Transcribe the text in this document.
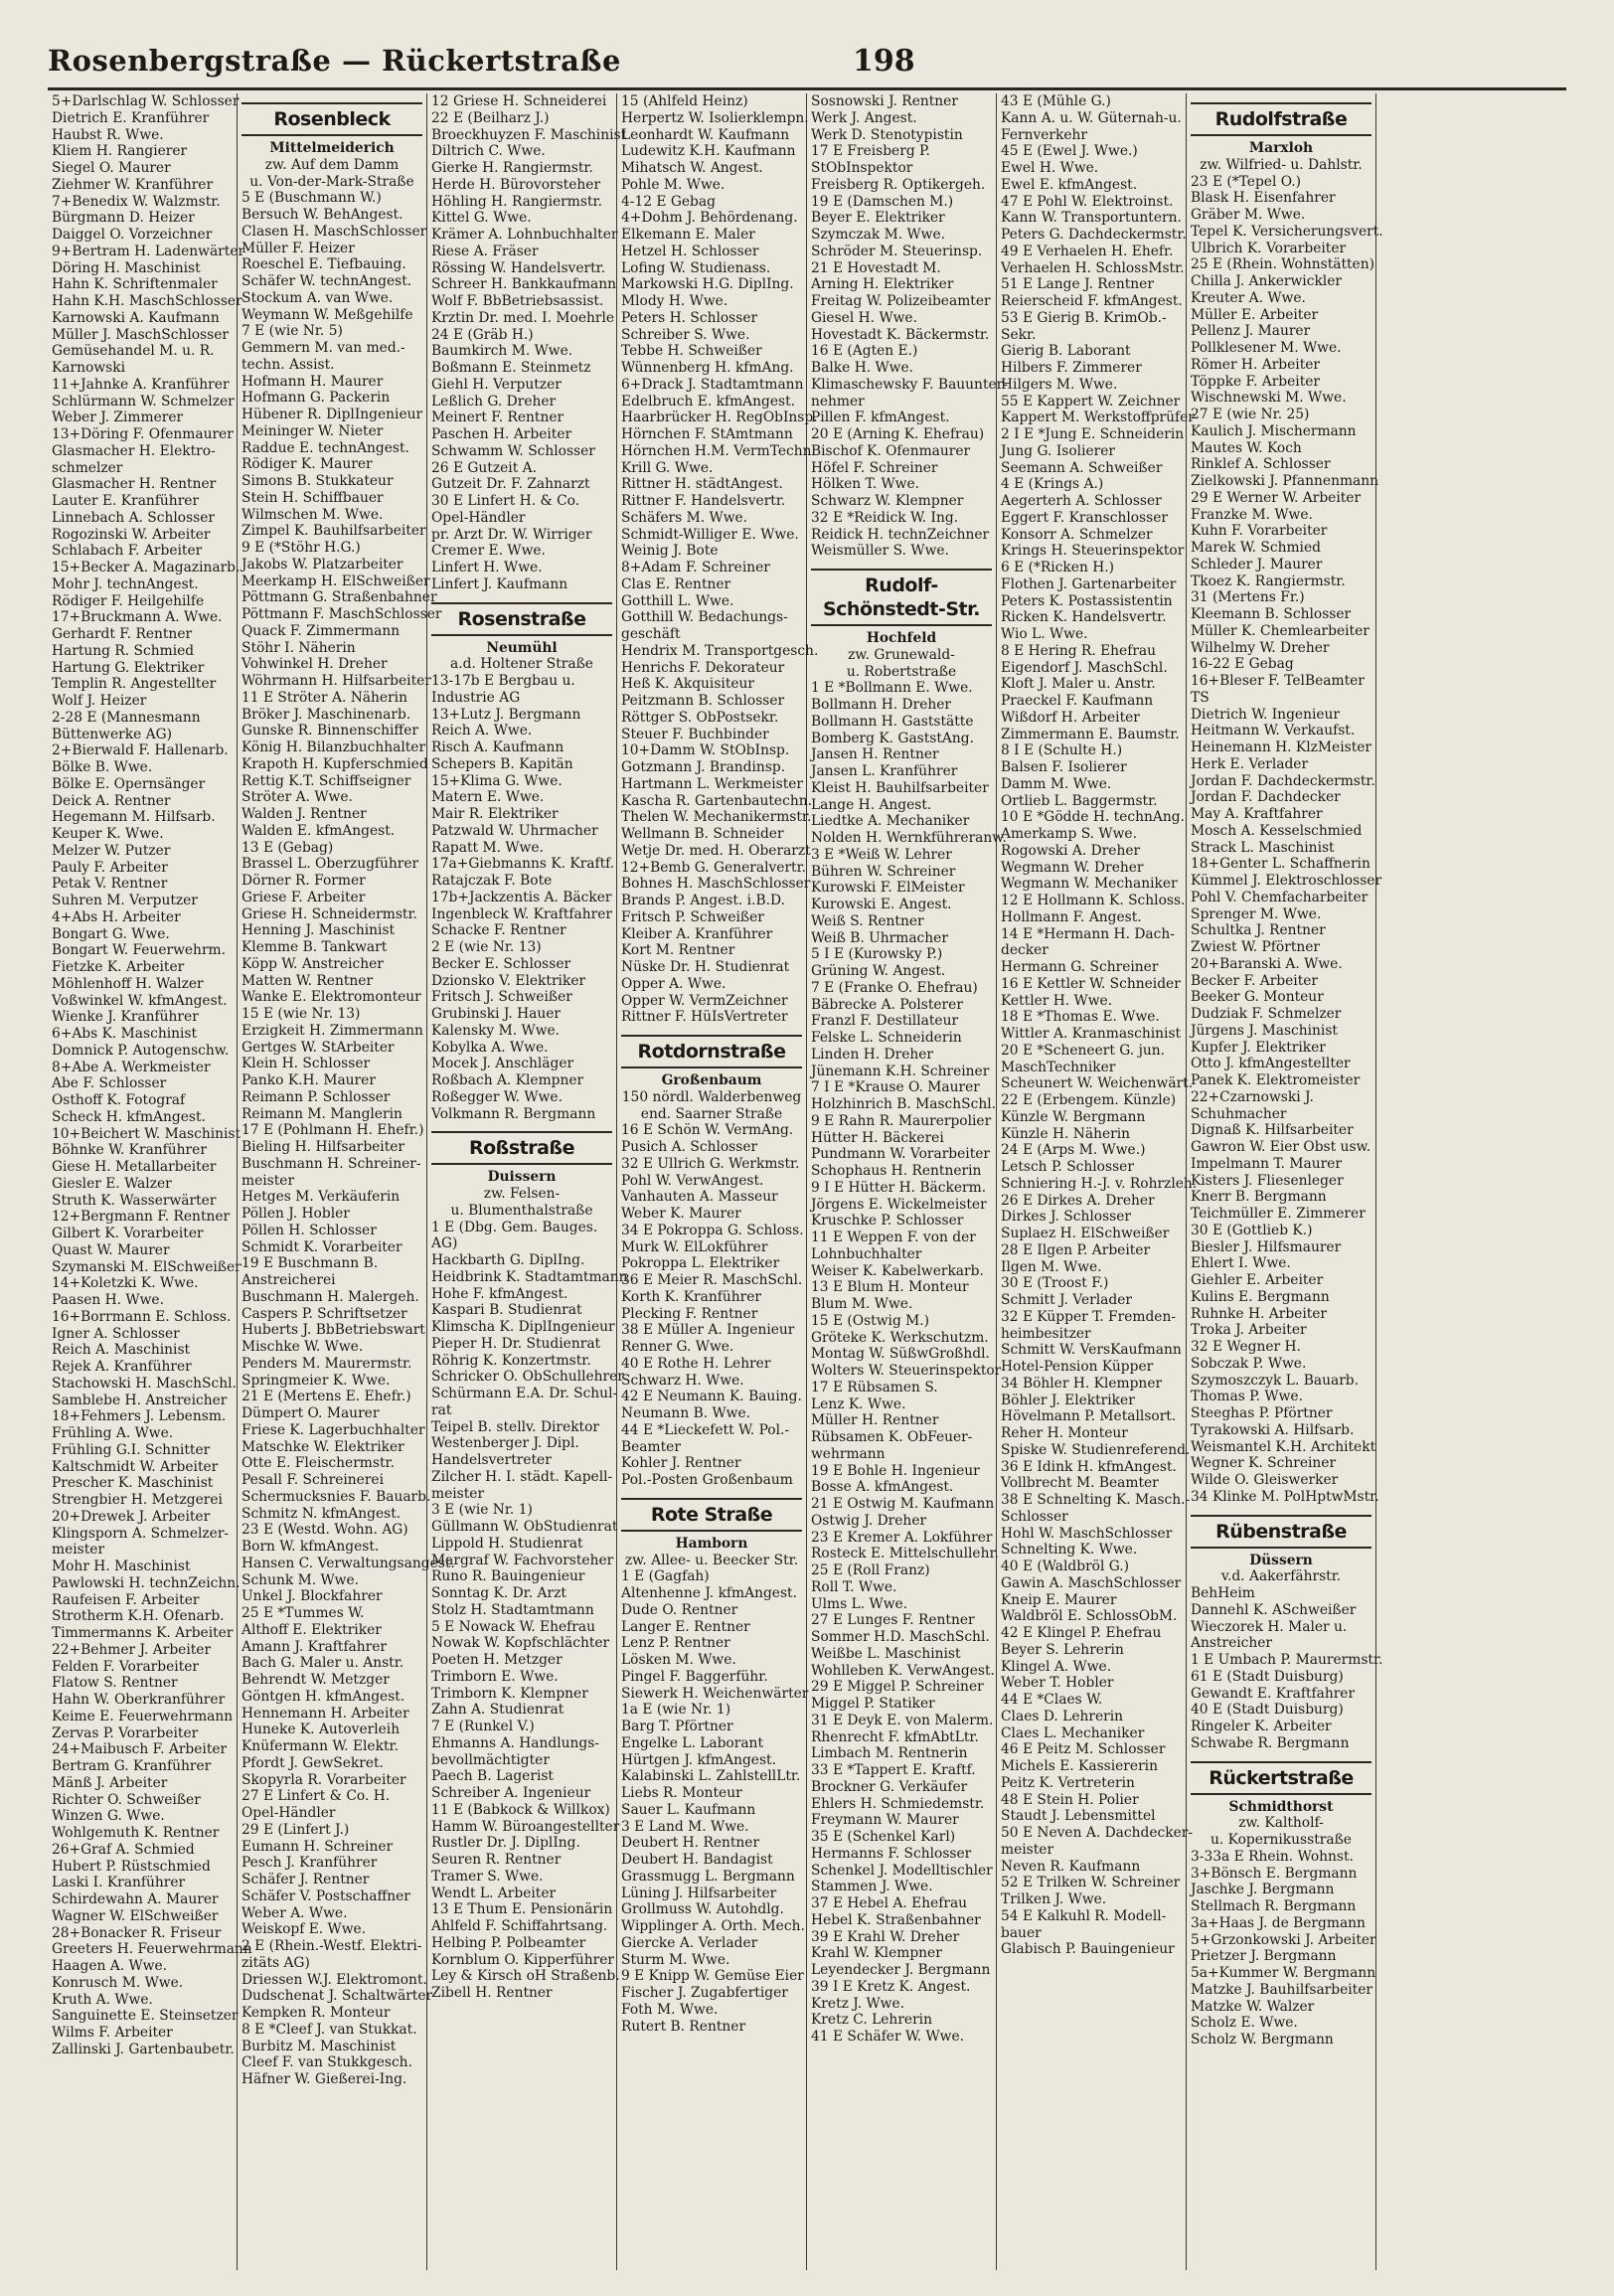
Rosenbergstraße — Rückertstraße	198
5+Darlschlag W. Schlosser
Dietrich E. Kranführer
Haubst R. Wwe.
Kliem H. Rangierer
Siegel O. Maurer
Ziehmer W. Kranführer
7+Benedix W. Walzmstr.
Bürgmann D. Heizer
Daiggel O. Vorzeichner
9+Bertram H. Ladenwärter
Döring H. Maschinist
Hahn K. Schriftenmaler
Hahn K.H. MaschSchlosser
Karnowski A. Kaufmann
Müller J. MaschSchlosser
Gemüsehandel M. u. R.
Karnowski
11+Jahnke A. Kranführer
Schlürmann W. Schmelzer
Weber J. Zimmerer
13+Döring F. Ofenmaurer
Glasmacher H. Elektro-
schmelzer
Glasmacher H. Rentner
Lauter E. Kranführer
Linnebach A. Schlosser
Rogozinski W. Arbeiter
Schlabach F. Arbeiter
15+Becker A. Magazinarb.
Mohr J. technAngest.
Rödiger F. Heilgehilfe
17+Bruckmann A. Wwe.
Gerhardt F. Rentner
Hartung R. Schmied
Hartung G. Elektriker
Templin R. Angestellter
Wolf J. Heizer
2-28 E (Mannesmann
Büttenwerke AG)
2+Bierwald F. Hallenarb.
Bölke B. Wwe.
Bölke E. Opernsänger
Deick A. Rentner
Hegemann M. Hilfsarb.
Keuper K. Wwe.
Melzer W. Putzer
Pauly F. Arbeiter
Petak V. Rentner
Suhren M. Verputzer
4+Abs H. Arbeiter
Bongart G. Wwe.
Bongart W. Feuerwehrm.
Fietzke K. Arbeiter
Möhlenhoff H. Walzer
Voßwinkel W. kfmAngest.
Wienke J. Kranführer
6+Abs K. Maschinist
Domnick P. Autogenschw.
8+Abe A. Werkmeister
Abe F. Schlosser
Osthoff K. Fotograf
Scheck H. kfmAngest.
10+Beichert W. Maschinist
Böhnke W. Kranführer
Giese H. Metallarbeiter
Giesler E. Walzer
Struth K. Wasserwärter
12+Bergmann F. Rentner
Gilbert K. Vorarbeiter
Quast W. Maurer
Szymanski M. ElSchweißer
14+Koletzki K. Wwe.
Paasen H. Wwe.
16+Borrmann E. Schloss.
Igner A. Schlosser
Reich A. Maschinist
Rejek A. Kranführer
Stachowski H. MaschSchl.
Samblebe H. Anstreicher
18+Fehmers J. Lebensm.
Frühling A. Wwe.
Frühling G.I. Schnitter
Kaltschmidt W. Arbeiter
Prescher K. Maschinist
Strengbier H. Metzgerei
20+Drewek J. Arbeiter
Klingsporn A. Schmelzer-
meister
Mohr H. Maschinist
Pawlowski H. technZeichn.
Raufeisen F. Arbeiter
Strotherm K.H. Ofenarb.
Timmermanns K. Arbeiter
22+Behmer J. Arbeiter
Felden F. Vorarbeiter
Flatow S. Rentner
Hahn W. Oberkranführer
Keime E. Feuerwehrmann
Zervas P. Vorarbeiter
24+Maibusch F. Arbeiter
Bertram G. Kranführer
Mänß J. Arbeiter
Richter O. Schweißer
Winzen G. Wwe.
Wohlgemuth K. Rentner
26+Graf A. Schmied
Hubert P. Rüstschmied
Laski I. Kranführer
Schirdewahn A. Maurer
Wagner W. ElSchweißer
28+Bonacker R. Friseur
Greeters H. Feuerwehrmann
Haagen A. Wwe.
Konrusch M. Wwe.
Kruth A. Wwe.
Sanguinette E. Steinsetzer
Wilms F. Arbeiter
Zallinski J. Gartenbaubetr.
Rosenbleck
Mittelmeiderich
zw. Auf dem Damm
u. Von-der-Mark-Straße
5 E (Buschmann W.)
Bersuch W. BehAngest.
Clasen H. MaschSchlosser
Müller F. Heizer
Roeschel E. Tiefbauing.
Schäfer W. technAngest.
Stockum A. van Wwe.
Weymann W. Meßgehilfe
7 E (wie Nr. 5)
Gemmern M. van med.-
techn. Assist.
Hofmann H. Maurer
Hofmann G. Packerin
Hübener R. DiplIngenieur
Meininger W. Nieter
Raddue E. technAngest.
Rödiger K. Maurer
Simons B. Stukkateur
Stein H. Schiffbauer
Wilmschen M. Wwe.
Zimpel K. Bauhilfsarbeiter
9 E (*Stöhr H.G.)
Jakobs W. Platzarbeiter
Meerkamp H. ElSchweißer
Pöttmann G. Straßenbahner
Pöttmann F. MaschSchlosser
Quack F. Zimmermann
Stöhr I. Näherin
Vohwinkel H. Dreher
Wöhrmann H. Hilfsarbeiter
11 E Ströter A. Näherin
Bröker J. Maschinenarb.
Gunske R. Binnenschiffer
König H. Bilanzbuchhalter
Krapoth H. Kupferschmied
Rettig K.T. Schiffseigner
Ströter A. Wwe.
Walden J. Rentner
Walden E. kfmAngest.
13 E (Gebag)
Brassel L. Oberzugführer
Dörner R. Former
Griese F. Arbeiter
Griese H. Schneidermstr.
Henning J. Maschinist
Klemme B. Tankwart
Köpp W. Anstreicher
Matten W. Rentner
Wanke E. Elektromonteur
15 E (wie Nr. 13)
Erzigkeit H. Zimmermann
Gertges W. StArbeiter
Klein H. Schlosser
Panko K.H. Maurer
Reimann P. Schlosser
Reimann M. Manglerin
17 E (Pohlmann H. Ehefr.)
Bieling H. Hilfsarbeiter
Buschmann H. Schreiner-
meister
Hetges M. Verkäuferin
Pöllen J. Hobler
Pöllen H. Schlosser
Schmidt K. Vorarbeiter
19 E Buschmann B.
Anstreicherei
Buschmann H. Malergeh.
Caspers P. Schriftsetzer
Huberts J. BbBetriebswart
Mischke W. Wwe.
Penders M. Maurermstr.
Springmeier K. Wwe.
21 E (Mertens E. Ehefr.)
Dümpert O. Maurer
Friese K. Lagerbuchhalter
Matschke W. Elektriker
Otte E. Fleischermstr.
Pesall F. Schreinerei
Schermucksnies F. Bauarb.
Schmitz N. kfmAngest.
23 E (Westd. Wohn. AG)
Born W. kfmAngest.
Hansen C. Verwaltungsangest.
Schunk M. Wwe.
Unkel J. Blockfahrer
25 E *Tummes W.
Althoff E. Elektriker
Amann J. Kraftfahrer
Bach G. Maler u. Anstr.
Behrendt W. Metzger
Göntgen H. kfmAngest.
Hennemann H. Arbeiter
Huneke K. Autoverleih
Knüfermann W. Elektr.
Pfordt J. GewSekret.
Skopyrla R. Vorarbeiter
27 E Linfert & Co. H.
Opel-Händler
29 E (Linfert J.)
Eumann H. Schreiner
Pesch J. Kranführer
Schäfer J. Rentner
Schäfer V. Postschaffner
Weber A. Wwe.
Weiskopf E. Wwe.
2 E (Rhein.-Westf. Elektri-
zitäts AG)
Driessen W.J. Elektromont.
Dudschenat J. Schaltwärter
Kempken R. Monteur
8 E *Cleef J. van Stukkat.
Burbitz M. Maschinist
Cleef F. van Stukkgesch.
Häfner W. Gießerei-Ing.
12 Griese H. Schneiderei
22 E (Beilharz J.)
Broeckhuyzen F. Maschinist
Diltrich C. Wwe.
Gierke H. Rangiermstr.
Herde H. Bürovorsteher
Höhling H. Rangiermstr.
Kittel G. Wwe.
Krämer A. Lohnbuchhalter
Riese A. Fräser
Rössing W. Handelsvertr.
Schreer H. Bankkaufmann
Wolf F. BbBetriebsassist.
Krztin Dr. med. I. Moehrle
24 E (Gräb H.)
Baumkirch M. Wwe.
Boßmann E. Steinmetz
Giehl H. Verputzer
Leßlich G. Dreher
Meinert F. Rentner
Paschen H. Arbeiter
Schwamm W. Schlosser
26 E Gutzeit A.
Gutzeit Dr. F. Zahnarzt
30 E Linfert H. & Co.
Opel-Händler
pr. Arzt Dr. W. Wirriger
Cremer E. Wwe.
Linfert H. Wwe.
Linfert J. Kaufmann
Rosenstraße
Neumühl
a.d. Holtener Straße
13-17b E Bergbau u.
Industrie AG
13+Lutz J. Bergmann
Reich A. Wwe.
Risch A. Kaufmann
Schepers B. Kapitän
15+Klima G. Wwe.
Matern E. Wwe.
Mair R. Elektriker
Patzwald W. Uhrmacher
Rapatt M. Wwe.
17a+Giebmanns K. Kraftf.
Ratajczak F. Bote
17b+Jackzentis A. Bäcker
Ingenbleck W. Kraftfahrer
Schacke F. Rentner
2 E (wie Nr. 13)
Becker E. Schlosser
Dzionsko V. Elektriker
Fritsch J. Schweißer
Grubinski J. Hauer
Kalensky M. Wwe.
Kobylka A. Wwe.
Mocek J. Anschläger
Roßbach A. Klempner
Roßegger W. Wwe.
Volkmann R. Bergmann
Roßstraße
Duissern
zw. Felsen-
u. Blumenthalstraße
1 E (Dbg. Gem. Bauges.
AG)
Hackbarth G. DiplIng.
Heidbrink K. Stadtamtmann
Hohe F. kfmAngest.
Kaspari B. Studienrat
Klimscha K. DiplIngenieur
Pieper H. Dr. Studienrat
Röhrig K. Konzertmstr.
Schricker O. ObSchullehrer
Schürmann E.A. Dr. Schul-
rat
Teipel B. stellv. Direktor
Westenberger J. Dipl.
Handelsvertreter
Zilcher H. I. städt. Kapell-
meister
3 E (wie Nr. 1)
Güllmann W. ObStudienrat
Lippold H. Studienrat
Margraf W. Fachvorsteher
Runo R. Bauingenieur
Sonntag K. Dr. Arzt
Stolz H. Stadtamtmann
5 E Nowack W. Ehefrau
Nowak W. Kopfschlächter
Poeten H. Metzger
Trimborn E. Wwe.
Trimborn K. Klempner
Zahn A. Studienrat
7 E (Runkel V.)
Ehmanns A. Handlungs-
bevollmächtigter
Paech B. Lagerist
Schreiber A. Ingenieur
11 E (Babkock & Willkox)
Hamm W. Büroangestellter
Rustler Dr. J. DiplIng.
Seuren R. Rentner
Tramer S. Wwe.
Wendt L. Arbeiter
13 E Thum E. Pensionärin
Ahlfeld F. Schiffahrtsang.
Helbing P. Polbeamter
Kornblum O. Kipperführer
Ley & Kirsch oH Straßenb.
Zibell H. Rentner
15 (Ahlfeld Heinz)
Herpertz W. Isolierklempn.
Leonhardt W. Kaufmann
Ludewitz K.H. Kaufmann
Mihatsch W. Angest.
Pohle M. Wwe.
4-12 E Gebag
4+Dohm J. Behördenang.
Elkemann E. Maler
Hetzel H. Schlosser
Lofing W. Studienass.
Markowski H.G. DiplIng.
Mlody H. Wwe.
Peters H. Schlosser
Schreiber S. Wwe.
Tebbe H. Schweißer
Wünnenberg H. kfmAng.
6+Drack J. Stadtamtmann
Edelbruch E. kfmAngest.
Haarbrücker H. RegObInsp.
Hörnchen F. StAmtmann
Hörnchen H.M. VermTechn.
Krill G. Wwe.
Rittner H. städtAngest.
Rittner F. Handelsvertr.
Schäfers M. Wwe.
Schmidt-Williger E. Wwe.
Weinig J. Bote
8+Adam F. Schreiner
Clas E. Rentner
Gotthill L. Wwe.
Gotthill W. Bedachungs-
geschäft
Hendrix M. Transportgesch.
Henrichs F. Dekorateur
Heß K. Akquisiteur
Peitzmann B. Schlosser
Röttger S. ObPostsekr.
Steuer F. Buchbinder
10+Damm W. StObInsp.
Gotzmann J. Brandinsp.
Hartmann L. Werkmeister
Kascha R. Gartenbautechn.
Thelen W. Mechanikermstr.
Wellmann B. Schneider
Wetje Dr. med. H. Oberarzt
12+Bemb G. Generalvertr.
Bohnes H. MaschSchlosser
Brands P. Angest. i.B.D.
Fritsch P. Schweißer
Kleiber A. Kranführer
Kort M. Rentner
Nüske Dr. H. Studienrat
Opper A. Wwe.
Opper W. VermZeichner
Rittner F. HüIsVertreter
Rotdornstraße
Großenbaum
150 nördl. Walderbenweg
end. Saarner Straße
16 E Schön W. VermAng.
Pusich A. Schlosser
32 E Ullrich G. Werkmstr.
Pohl W. VerwAngest.
Vanhauten A. Masseur
Weber K. Maurer
34 E Pokroppa G. Schloss.
Murk W. ElLokführer
Pokroppa L. Elektriker
36 E Meier R. MaschSchl.
Korth K. Kranführer
Plecking F. Rentner
38 E Müller A. Ingenieur
Renner G. Wwe.
40 E Rothe H. Lehrer
Schwarz H. Wwe.
42 E Neumann K. Bauing.
Neumann B. Wwe.
44 E *Lieckefett W. Pol.-
Beamter
Kohler J. Rentner
Pol.-Posten Großenbaum
Rote Straße
Hamborn
zw. Allee- u. Beecker Str.
1 E (Gagfah)
Altenhenne J. kfmAngest.
Dude O. Rentner
Langer E. Rentner
Lenz P. Rentner
Lösken M. Wwe.
Pingel F. Baggerführ.
Siewerk H. Weichenwärter
1a E (wie Nr. 1)
Barg T. Pförtner
Engelke L. Laborant
Hürtgen J. kfmAngest.
Kalabinski L. ZahlstellLtr.
Liebs R. Monteur
Sauer L. Kaufmann
3 E Land M. Wwe.
Deubert H. Rentner
Deubert H. Bandagist
Grassmugg L. Bergmann
Lüning J. Hilfsarbeiter
Grollmuss W. Autohdlg.
Wipplinger A. Orth. Mech.
Giercke A. Verlader
Sturm M. Wwe.
9 E Knipp W. Gemüse Eier
Fischer J. Zugabfertiger
Foth M. Wwe.
Rutert B. Rentner
Sosnowski J. Rentner
Werk J. Angest.
Werk D. Stenotypistin
17 E Freisberg P.
StObInspektor
Freisberg R. Optikergeh.
19 E (Damschen M.)
Beyer E. Elektriker
Szymczak M. Wwe.
Schröder M. Steuerinsp.
21 E Hovestadt M.
Arning H. Elektriker
Freitag W. Polizeibeamter
Giesel H. Wwe.
Hovestadt K. Bäckermstr.
16 E (Agten E.)
Balke H. Wwe.
Klimaschewsky F. Bauunter-
nehmer
Pillen F. kfmAngest.
20 E (Arning K. Ehefrau)
Bischof K. Ofenmaurer
Höfel F. Schreiner
Hölken T. Wwe.
Schwarz W. Klempner
32 E *Reidick W. Ing.
Reidick H. technZeichner
Weismüller S. Wwe.
Rudolf-Schönstedt-Str.
Hochfeld
zw. Grunewald-
u. Robertstraße
1 E *Bollmann E. Wwe.
Bollmann H. Dreher
Bollmann H. Gaststätte
Bomberg K. GaststAng.
Jansen H. Rentner
Jansen L. Kranführer
Kleist H. Bauhilfsarbeiter
Lange H. Angest.
Liedtke A. Mechaniker
Nolden H. Wernkführeranw.
3 E *Weiß W. Lehrer
Bühren W. Schreiner
Kurowski F. ElMeister
Kurowski E. Angest.
Weiß S. Rentner
Weiß B. Uhrmacher
5 I E (Kurowsky P.)
Grüning W. Angest.
7 E (Franke O. Ehefrau)
Bäbrecke A. Polsterer
Franzl F. Destillateur
Felske L. Schneiderin
Linden H. Dreher
Jünemann K.H. Schreiner
7 I E *Krause O. Maurer
Holzhinrich B. MaschSchl.
9 E Rahn R. Maurerpolier
Hütter H. Bäckerei
Pundmann W. Vorarbeiter
Schophaus H. Rentnerin
9 I E Hütter H. Bäckerm.
Jörgens E. Wickelmeister
Kruschke P. Schlosser
11 E Weppen F. von der
Lohnbuchhalter
Weiser K. Kabelwerkarb.
13 E Blum H. Monteur
Blum M. Wwe.
15 E (Ostwig M.)
Gröteke K. Werkschutzm.
Montag W. SüßwGroßhdl.
Wolters W. Steuerinspektor
17 E Rübsamen S.
Lenz K. Wwe.
Müller H. Rentner
Rübsamen K. ObFeuer-
wehrmann
19 E Bohle H. Ingenieur
Bosse A. kfmAngest.
21 E Ostwig M. Kaufmann
Ostwig J. Dreher
23 E Kremer A. Lokführer
Rosteck E. Mittelschullehr.
25 E (Roll Franz)
Roll T. Wwe.
Ulms L. Wwe.
27 E Lunges F. Rentner
Sommer H.D. MaschSchl.
Weißbe L. Maschinist
Wohlleben K. VerwAngest.
29 E Miggel P. Schreiner
Miggel P. Statiker
31 E Deyk E. von Malerm.
Rhenrecht F. kfmAbtLtr.
Limbach M. Rentnerin
33 E *Tappert E. Kraftf.
Brockner G. Verkäufer
Ehlers H. Schmiedemstr.
Freymann W. Maurer
35 E (Schenkel Karl)
Hermanns F. Schlosser
Schenkel J. Modelltischler
Stammen J. Wwe.
37 E Hebel A. Ehefrau
Hebel K. Straßenbahner
39 E Krahl W. Dreher
Krahl W. Klempner
Leyendecker J. Bergmann
39 I E Kretz K. Angest.
Kretz J. Wwe.
Kretz C. Lehrerin
41 E Schäfer W. Wwe.
43 E (Mühle G.)
Kann A. u. W. Güternah-u.
Fernverkehr
45 E (Ewel J. Wwe.)
Ewel H. Wwe.
Ewel E. kfmAngest.
47 E Pohl W. Elektroinst.
Kann W. Transportuntern.
Peters G. Dachdeckermstr.
49 E Verhaelen H. Ehefr.
Verhaelen H. SchlossMstr.
51 E Lange J. Rentner
Reierscheid F. kfmAngest.
53 E Gierig B. KrimOb.-
Sekr.
Gierig B. Laborant
Hilbers F. Zimmerer
Hilgers M. Wwe.
55 E Kappert W. Zeichner
Kappert M. Werkstoffprüfer
2 I E *Jung E. Schneiderin
Jung G. Isolierer
Seemann A. Schweißer
4 E (Krings A.)
Aegerterh A. Schlosser
Eggert F. Kranschlosser
Konsorr A. Schmelzer
Krings H. Steuerinspektor
6 E (*Ricken H.)
Flothen J. Gartenarbeiter
Peters K. Postassistentin
Ricken K. Handelsvertr.
Wio L. Wwe.
8 E Hering R. Ehefrau
Eigendorf J. MaschSchl.
Kloft J. Maler u. Anstr.
Praeckel F. Kaufmann
Wißdorf H. Arbeiter
Zimmermann E. Baumstr.
8 I E (Schulte H.)
Balsen F. Isolierer
Damm M. Wwe.
Ortlieb L. Baggermstr.
10 E *Gödde H. technAng.
Amerkamp S. Wwe.
Rogowski A. Dreher
Wegmann W. Dreher
Wegmann W. Mechaniker
12 E Hollmann K. Schloss.
Hollmann F. Angest.
14 E *Hermann H. Dach-
decker
Hermann G. Schreiner
16 E Kettler W. Schneider
Kettler H. Wwe.
18 E *Thomas E. Wwe.
Wittler A. Kranmaschinist
20 E *Scheneert G. jun.
MaschTechniker
Scheunert W. Weichenwärt.
22 E (Erbengem. Künzle)
Künzle W. Bergmann
Künzle H. Näherin
24 E (Arps M. Wwe.)
Letsch P. Schlosser
Schniering H.-J. v. Rohrzleh.
26 E Dirkes A. Dreher
Dirkes J. Schlosser
Suplaez H. ElSchweißer
28 E Ilgen P. Arbeiter
Ilgen M. Wwe.
30 E (Troost F.)
Schmitt J. Verlader
32 E Küpper T. Fremden-
heimbesitzer
Schmitt W. VersKaufmann
Hotel-Pension Küpper
34 Böhler H. Klempner
Böhler J. Elektriker
Hövelmann P. Metallsort.
Reher H. Monteur
Spiske W. Studienreferend.
36 E Idink H. kfmAngest.
Vollbrecht M. Beamter
38 E Schnelting K. Masch.-
Schlosser
Hohl W. MaschSchlosser
Schnelting K. Wwe.
40 E (Waldbröl G.)
Gawin A. MaschSchlosser
Kneip E. Maurer
Waldbröl E. SchlossObM.
42 E Klingel P. Ehefrau
Beyer S. Lehrerin
Klingel A. Wwe.
Weber T. Hobler
44 E *Claes W.
Claes D. Lehrerin
Claes L. Mechaniker
46 E Peitz M. Schlosser
Michels E. Kassiererin
Peitz K. Vertreterin
48 E Stein H. Polier
Staudt J. Lebensmittel
50 E Neven A. Dachdecker-
meister
Neven R. Kaufmann
52 E Trilken W. Schreiner
Trilken J. Wwe.
54 E Kalkuhl R. Modell-
bauer
Glabisch P. Bauingenieur
Rudolfstraße
Marxloh
zw. Wilfried- u. Dahlstr.
23 E (*Tepel O.)
Blask H. Eisenfahrer
Gräber M. Wwe.
Tepel K. Versicherungsvert.
Ulbrich K. Vorarbeiter
25 E (Rhein. Wohnstätten)
Chilla J. Ankerwickler
Kreuter A. Wwe.
Müller E. Arbeiter
Pellenz J. Maurer
Pollklesener M. Wwe.
Römer H. Arbeiter
Töppke F. Arbeiter
Wischnewski M. Wwe.
27 E (wie Nr. 25)
Kaulich J. Mischermann
Mautes W. Koch
Rinklef A. Schlosser
Zielkowski J. Pfannenmann
29 E Werner W. Arbeiter
Franzke M. Wwe.
Kuhn F. Vorarbeiter
Marek W. Schmied
Schleder J. Maurer
Tkoez K. Rangiermstr.
31 (Mertens Fr.)
Kleemann B. Schlosser
Müller K. Chemlearbeiter
Wilhelmy W. Dreher
16-22 E Gebag
16+Bleser F. TelBeamter
TS
Dietrich W. Ingenieur
Heitmann W. Verkaufst.
Heinemann H. KlzMeister
Herk E. Verlader
Jordan F. Dachdeckermstr.
Jordan F. Dachdecker
May A. Kraftfahrer
Mosch A. Kesselschmied
Strack L. Maschinist
18+Genter L. Schaffnerin
Kümmel J. Elektroschlosser
Pohl V. Chemfacharbeiter
Sprenger M. Wwe.
Schultka J. Rentner
Zwiest W. Pförtner
20+Baranski A. Wwe.
Becker F. Arbeiter
Beeker G. Monteur
Dudziak F. Schmelzer
Jürgens J. Maschinist
Kupfer J. Elektriker
Otto J. kfmAngestellter
Panek K. Elektromeister
22+Czarnowski J.
Schuhmacher
Dignaß K. Hilfsarbeiter
Gawron W. Eier Obst usw.
Impelmann T. Maurer
Kisters J. Fliesenleger
Knerr B. Bergmann
Teichmüller E. Zimmerer
30 E (Gottlieb K.)
Biesler J. Hilfsmaurer
Ehlert I. Wwe.
Giehler E. Arbeiter
Kulins E. Bergmann
Ruhnke H. Arbeiter
Troka J. Arbeiter
32 E Wegner H.
Sobczak P. Wwe.
Szymoszczyk L. Bauarb.
Thomas P. Wwe.
Steeghas P. Pförtner
Tyrakowski A. Hilfsarb.
Weismantel K.H. Architekt
Wegner K. Schreiner
Wilde O. Gleiswerker
34 Klinke M. PolHptwMstr.
Rübenstraße
Düssern
v.d. Aakerfährstr.
BehHeim
Dannehl K. ASchweißer
Wieczorek H. Maler u.
Anstreicher
1 E Umbach P. Maurermstr.
61 E (Stadt Duisburg)
Gewandt E. Kraftfahrer
40 E (Stadt Duisburg)
Ringeler K. Arbeiter
Schwabe R. Bergmann
Rückertstraße
Schmidthorst
zw. Kaltholf-
u. Kopernikusstraße
3-33a E Rhein. Wohnst.
3+Bönsch E. Bergmann
Jaschke J. Bergmann
Stellmach R. Bergmann
3a+Haas J. de Bergmann
5+Grzonkowski J. Arbeiter
Prietzer J. Bergmann
5a+Kummer W. Bergmann
Matzke J. Bauhilfsarbeiter
Matzke W. Walzer
Scholz E. Wwe.
Scholz W. Bergmann
